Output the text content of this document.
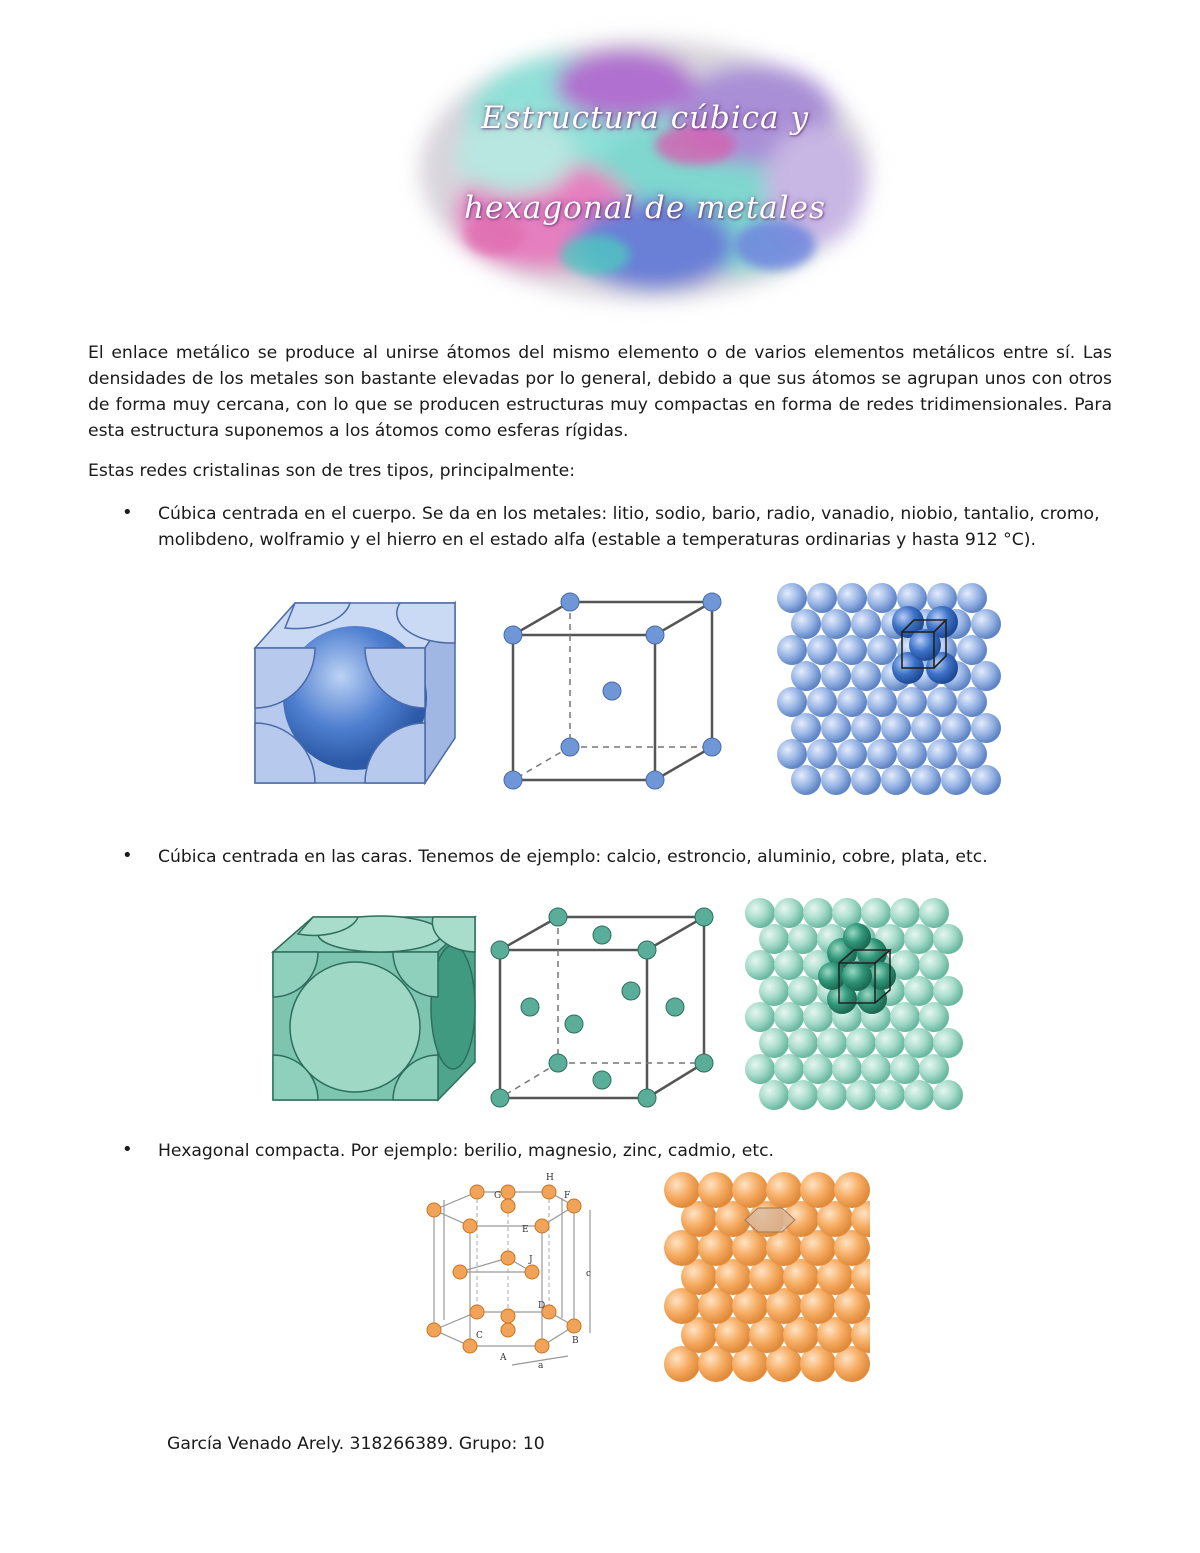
Estructura cúbica y
hexagonal de metales

El enlace metálico se produce al unirse átomos del mismo elemento o de varios elementos metálicos entre sí. Las densidades de los metales son bastante elevadas por lo general, debido a que sus átomos se agrupan unos con otros de forma muy cercana, con lo que se producen estructuras muy compactas en forma de redes tridimensionales. Para esta estructura suponemos a los átomos como esferas rígidas.

Estas redes cristalinas son de tres tipos, principalmente:

• Cúbica centrada en el cuerpo. Se da en los metales: litio, sodio, bario, radio, vanadio, niobio, tantalio, cromo, molibdeno, wolframio y el hierro en el estado alfa (estable a temperaturas ordinarias y hasta 912 °C).

• Cúbica centrada en las caras. Tenemos de ejemplo: calcio, estroncio, aluminio, cobre, plata, etc.

• Hexagonal compacta. Por ejemplo: berilio, magnesio, zinc, cadmio, etc.

H
G	F
E
J
D
C	B
A
c
a
García Venado Arely. 318266389. Grupo: 10
